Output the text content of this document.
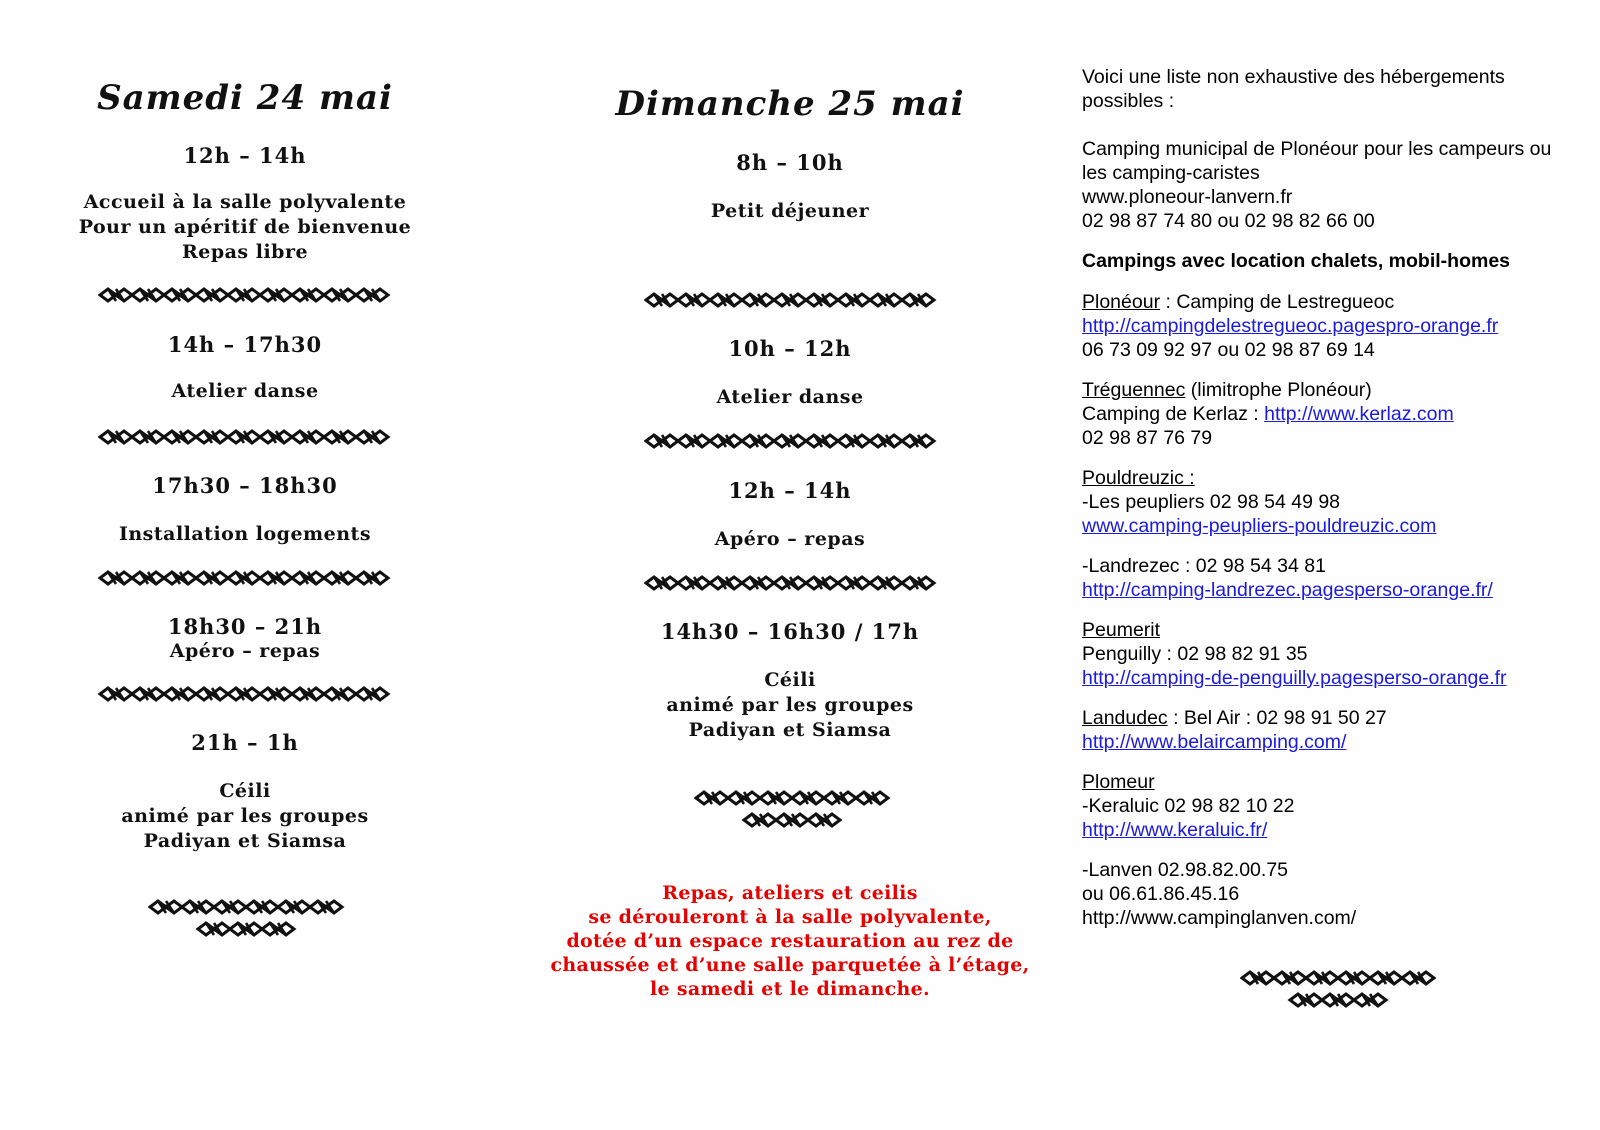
Samedi 24 mai
12h – 14h
Accueil à la salle polyvalente
Pour un apéritif de bienvenue
Repas libre
14h – 17h30
Atelier danse
17h30 – 18h30
Installation logements
18h30 – 21h
Apéro – repas
21h – 1h
Céili
animé par les groupes
Padiyan et Siamsa
Dimanche 25 mai
8h – 10h
Petit déjeuner
10h – 12h
Atelier danse
12h – 14h
Apéro – repas
14h30 – 16h30 / 17h
Céili
animé par les groupes
Padiyan et Siamsa
Repas, ateliers et ceilis
se dérouleront à la salle polyvalente,
dotée d’un espace restauration au rez de
chaussée et d’une salle parquetée à l’étage,
le samedi et le dimanche.
Voici une liste non exhaustive des hébergements
possibles :
Camping municipal de Plonéour pour les campeurs ou
les camping-caristes
www.ploneour-lanvern.fr
02 98 87 74 80 ou 02 98 82 66 00
Campings avec location chalets, mobil-homes
Plonéour : Camping de Lestregueoc
http://campingdelestregueoc.pagespro-orange.fr
06 73 09 92 97 ou 02 98 87 69 14
Tréguennec (limitrophe Plonéour)
Camping de Kerlaz : http://www.kerlaz.com
02 98 87 76 79
Pouldreuzic :
-Les peupliers 02 98 54 49 98
www.camping-peupliers-pouldreuzic.com
-Landrezec : 02 98 54 34 81
http://camping-landrezec.pagesperso-orange.fr/
Peumerit
Penguilly : 02 98 82 91 35
http://camping-de-penguilly.pagesperso-orange.fr
Landudec : Bel Air : 02 98 91 50 27
http://www.belaircamping.com/
Plomeur
-Keraluic 02 98 82 10 22
http://www.keraluic.fr/
-Lanven 02.98.82.00.75
ou 06.61.86.45.16
http://www.campinglanven.com/
